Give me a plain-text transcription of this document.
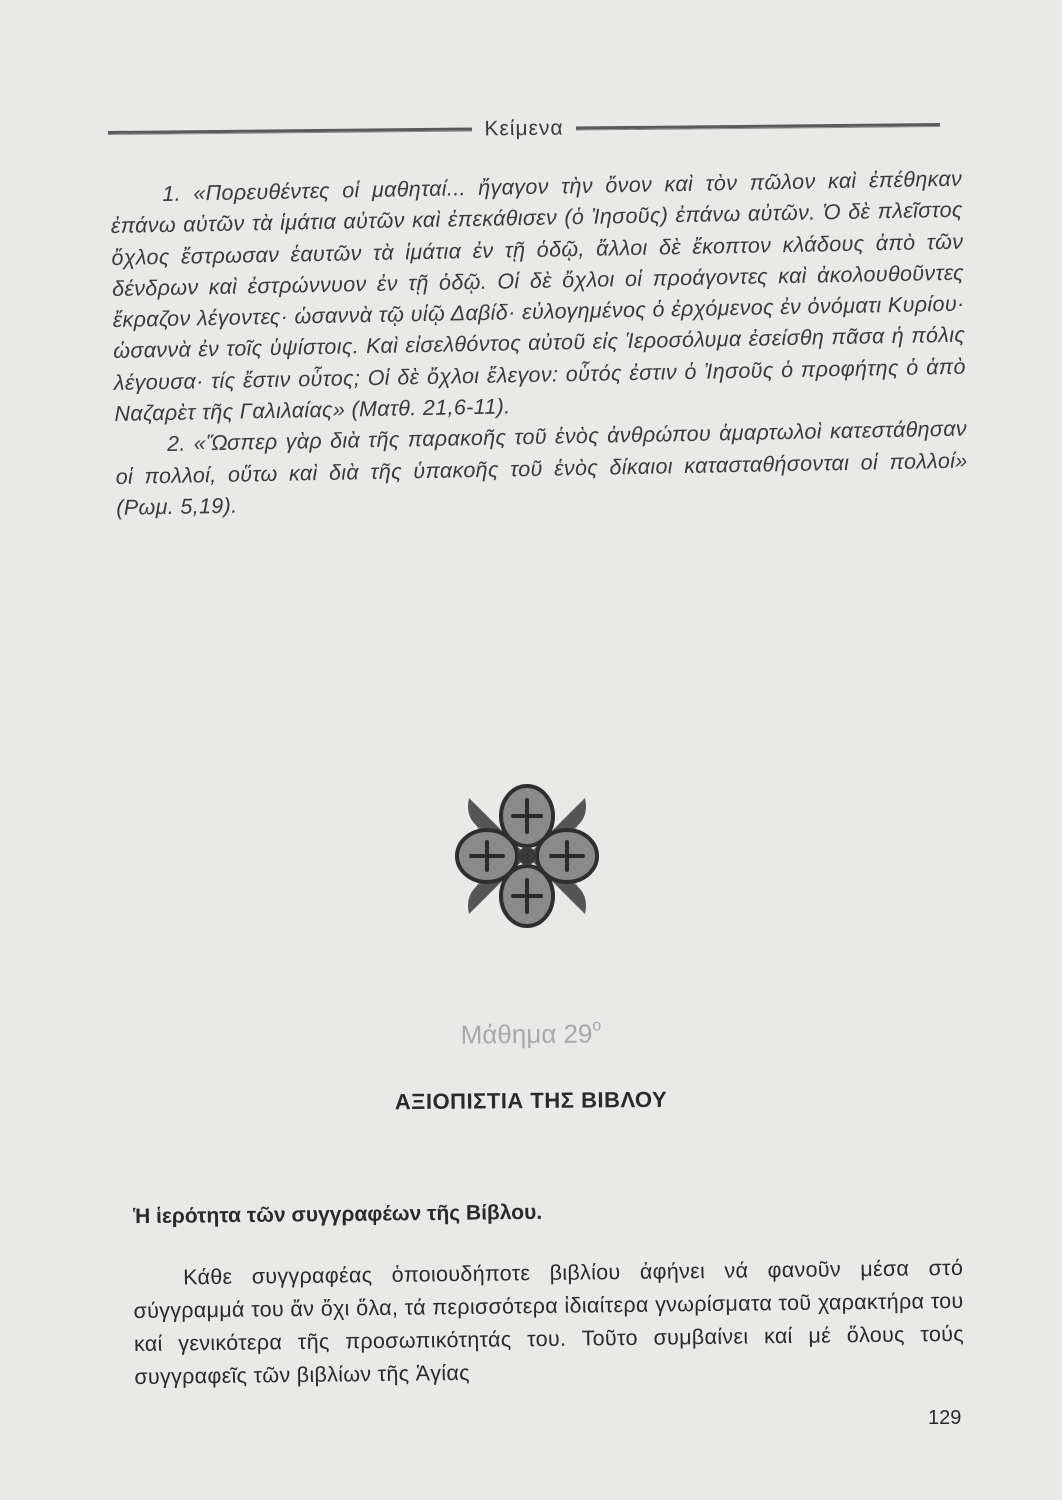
Κείμενα

1. «Πορευθέντες οἱ μαθηταί... ἤγαγον τὴν ὄνον καὶ τὸν πῶλον καὶ ἐπέθηκαν ἐπάνω αὐτῶν τὰ ἱμάτια αὐτῶν καὶ ἐπεκάθισεν (ὁ Ἰησοῦς) ἐπάνω αὐτῶν. Ὁ δὲ πλεῖστος ὄχλος ἔστρωσαν ἑαυτῶν τὰ ἱμάτια ἐν τῇ ὁδῷ, ἄλλοι δὲ ἔκοπτον κλάδους ἀπὸ τῶν δένδρων καὶ ἐστρώννυον ἐν τῇ ὁδῷ. Οἱ δὲ ὄχλοι οἱ προάγοντες καὶ ἀκολουθοῦντες ἔκραζον λέγοντες· ὡσαννὰ τῷ υἱῷ Δαβίδ· εὐλογημένος ὁ ἐρχόμενος ἐν ὀνόματι Κυρίου· ὡσαννὰ ἐν τοῖς ὑψίστοις. Καὶ εἰσελθόντος αὐτοῦ εἰς Ἱεροσόλυμα ἐσείσθη πᾶσα ἡ πόλις λέγουσα· τίς ἔστιν οὗτος; Οἱ δὲ ὄχλοι ἔλεγον: οὗτός ἐστιν ὁ Ἰησοῦς ὁ προφήτης ὁ ἀπὸ Ναζαρὲτ τῆς Γαλιλαίας» (Ματθ. 21,6-11).

2. «Ὥσπερ γὰρ διὰ τῆς παρακοῆς τοῦ ἑνὸς ἀνθρώπου ἁμαρτωλοὶ κατεστάθησαν οἱ πολλοί, οὕτω καὶ διὰ τῆς ὑπακοῆς τοῦ ἑνὸς δίκαιοι κατασταθήσονται οἱ πολλοί» (Ρωμ. 5,19).

Μάθημα $29^o$
ΑΞΙΟΠΙΣΤΙΑ ΤΗΣ ΒΙΒΛΟΥ
Ἡ ἱερότητα τῶν συγγραφέων τῆς Βίβλου.

Κάθε συγγραφέας ὁποιουδήποτε βιβλίου ἀφήνει νά φανοῦν μέσα στό σύγγραμμά του ἄν ὄχι ὅλα, τά περισσότερα ἰδιαίτερα γνωρίσματα τοῦ χαρακτήρα του καί γενικότερα τῆς προσωπικότητάς του. Τοῦτο συμβαίνει καί μέ ὅλους τούς συγγραφεῖς τῶν βιβλίων τῆς Ἁγίας

129
